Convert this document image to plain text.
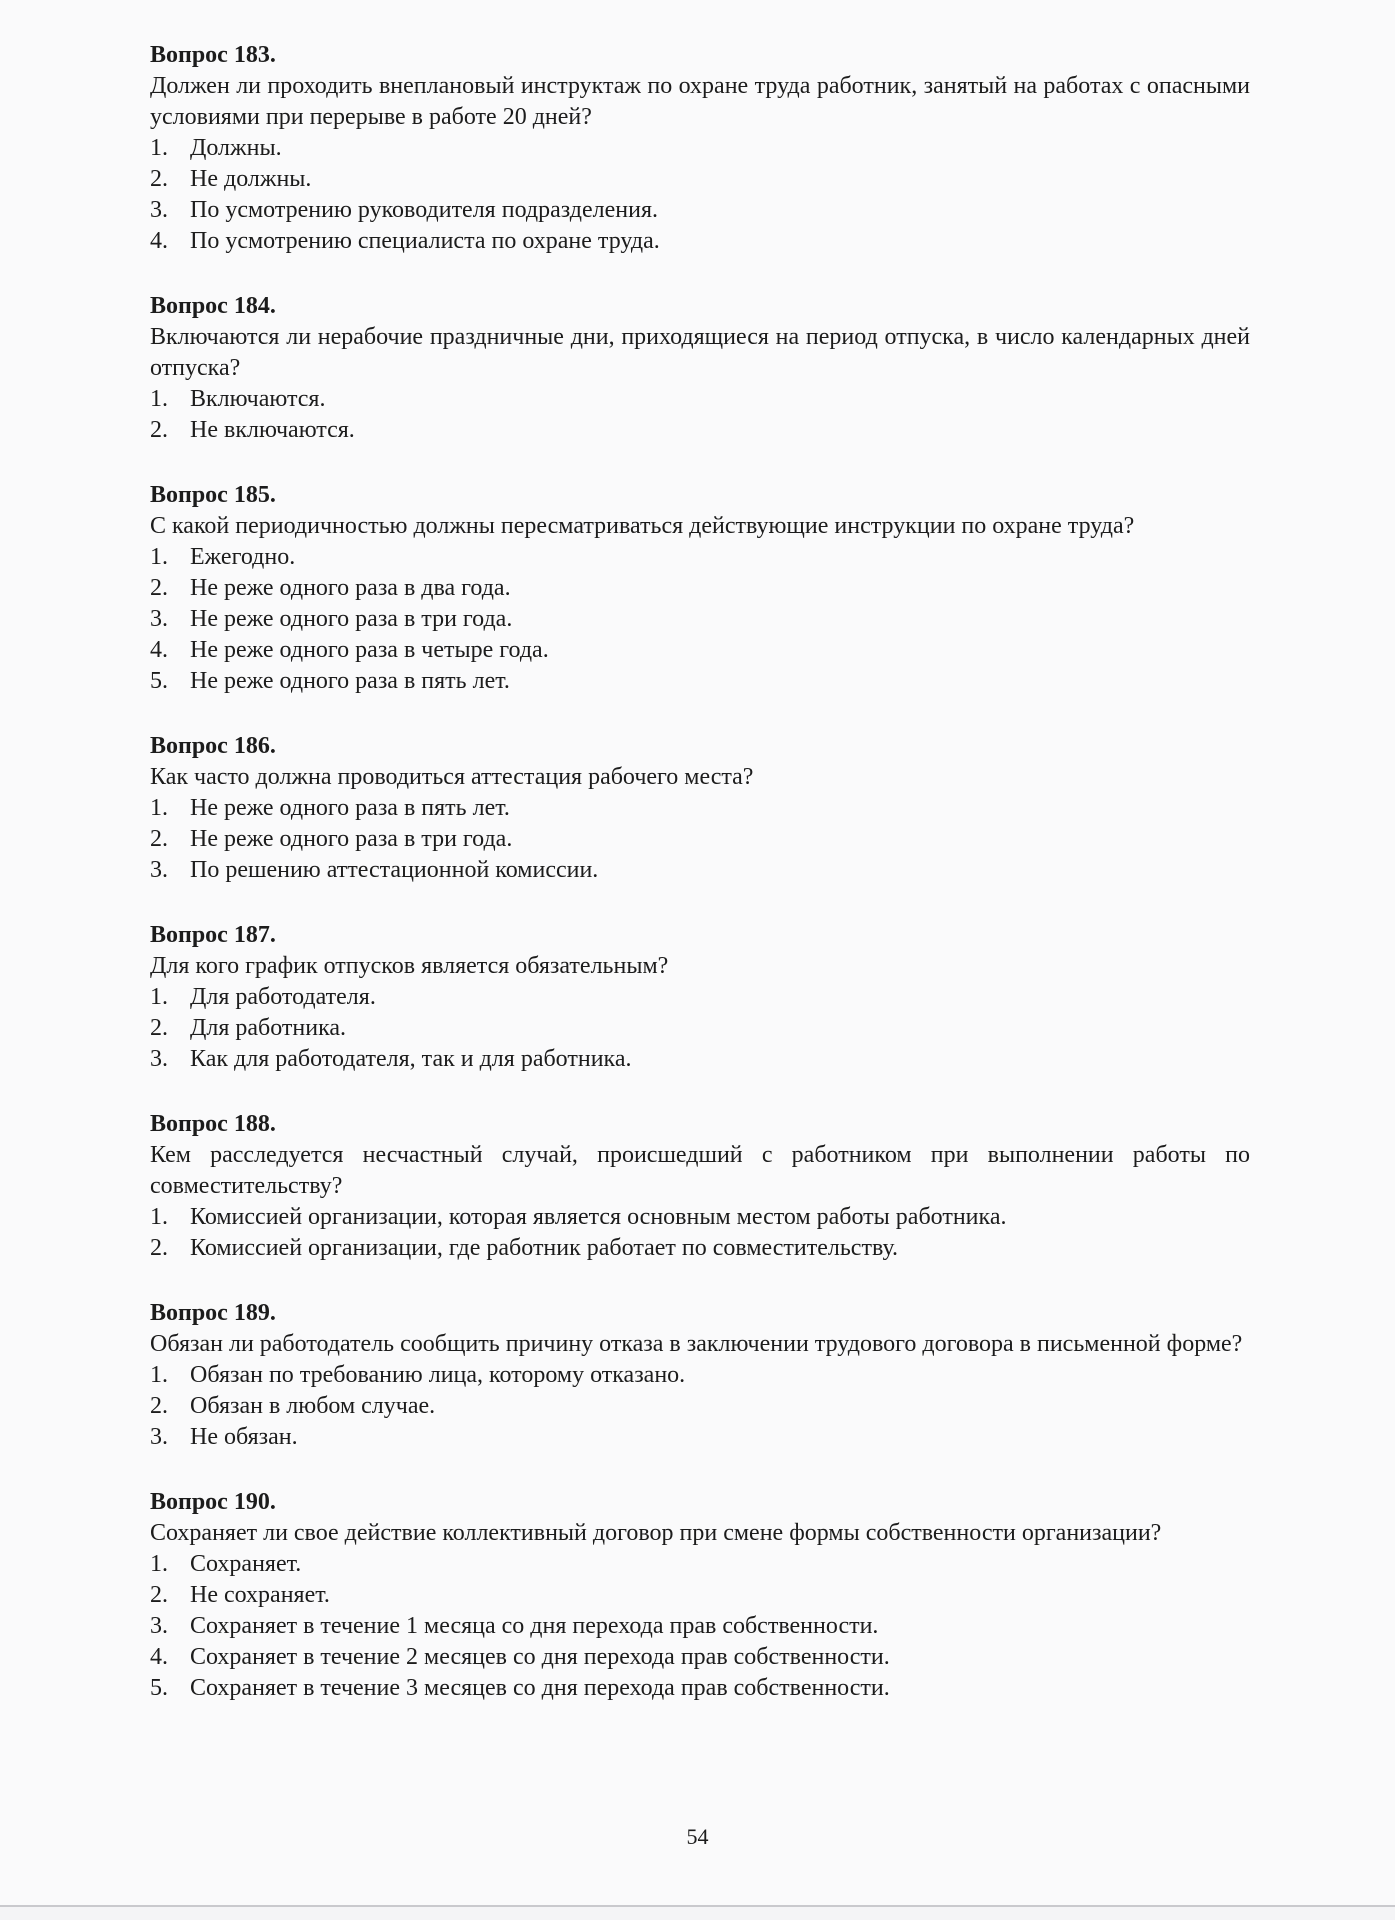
Вопрос 183.
Должен ли проходить внеплановый инструктаж по охране труда работник, занятый на работах с опасными условиями при перерыве в работе 20 дней?
1. Должны.
2. Не должны.
3. По усмотрению руководителя подразделения.
4. По усмотрению специалиста по охране труда.
Вопрос 184.
Включаются ли нерабочие праздничные дни, приходящиеся на период отпуска, в число календарных дней отпуска?
1. Включаются.
2. Не включаются.
Вопрос 185.
С какой периодичностью должны пересматриваться действующие инструкции по охране труда?
1. Ежегодно.
2. Не реже одного раза в два года.
3. Не реже одного раза в три года.
4. Не реже одного раза в четыре года.
5. Не реже одного раза в пять лет.
Вопрос 186.
Как часто должна проводиться аттестация рабочего места?
1. Не реже одного раза в пять лет.
2. Не реже одного раза в три года.
3. По решению аттестационной комиссии.
Вопрос 187.
Для кого график отпусков является обязательным?
1. Для работодателя.
2. Для работника.
3. Как для работодателя, так и для работника.
Вопрос 188.
Кем расследуется несчастный случай, происшедший с работником при выполнении работы по совместительству?
1. Комиссией организации, которая является основным местом работы работника.
2. Комиссией организации, где работник работает по совместительству.
Вопрос 189.
Обязан ли работодатель сообщить причину отказа в заключении трудового договора в письменной форме?
1. Обязан по требованию лица, которому отказано.
2. Обязан в любом случае.
3. Не обязан.
Вопрос 190.
Сохраняет ли свое действие коллективный договор при смене формы собственности организации?
1. Сохраняет.
2. Не сохраняет.
3. Сохраняет в течение 1 месяца со дня перехода прав собственности.
4. Сохраняет в течение 2 месяцев со дня перехода прав собственности.
5. Сохраняет в течение 3 месяцев со дня перехода прав собственности.
54
